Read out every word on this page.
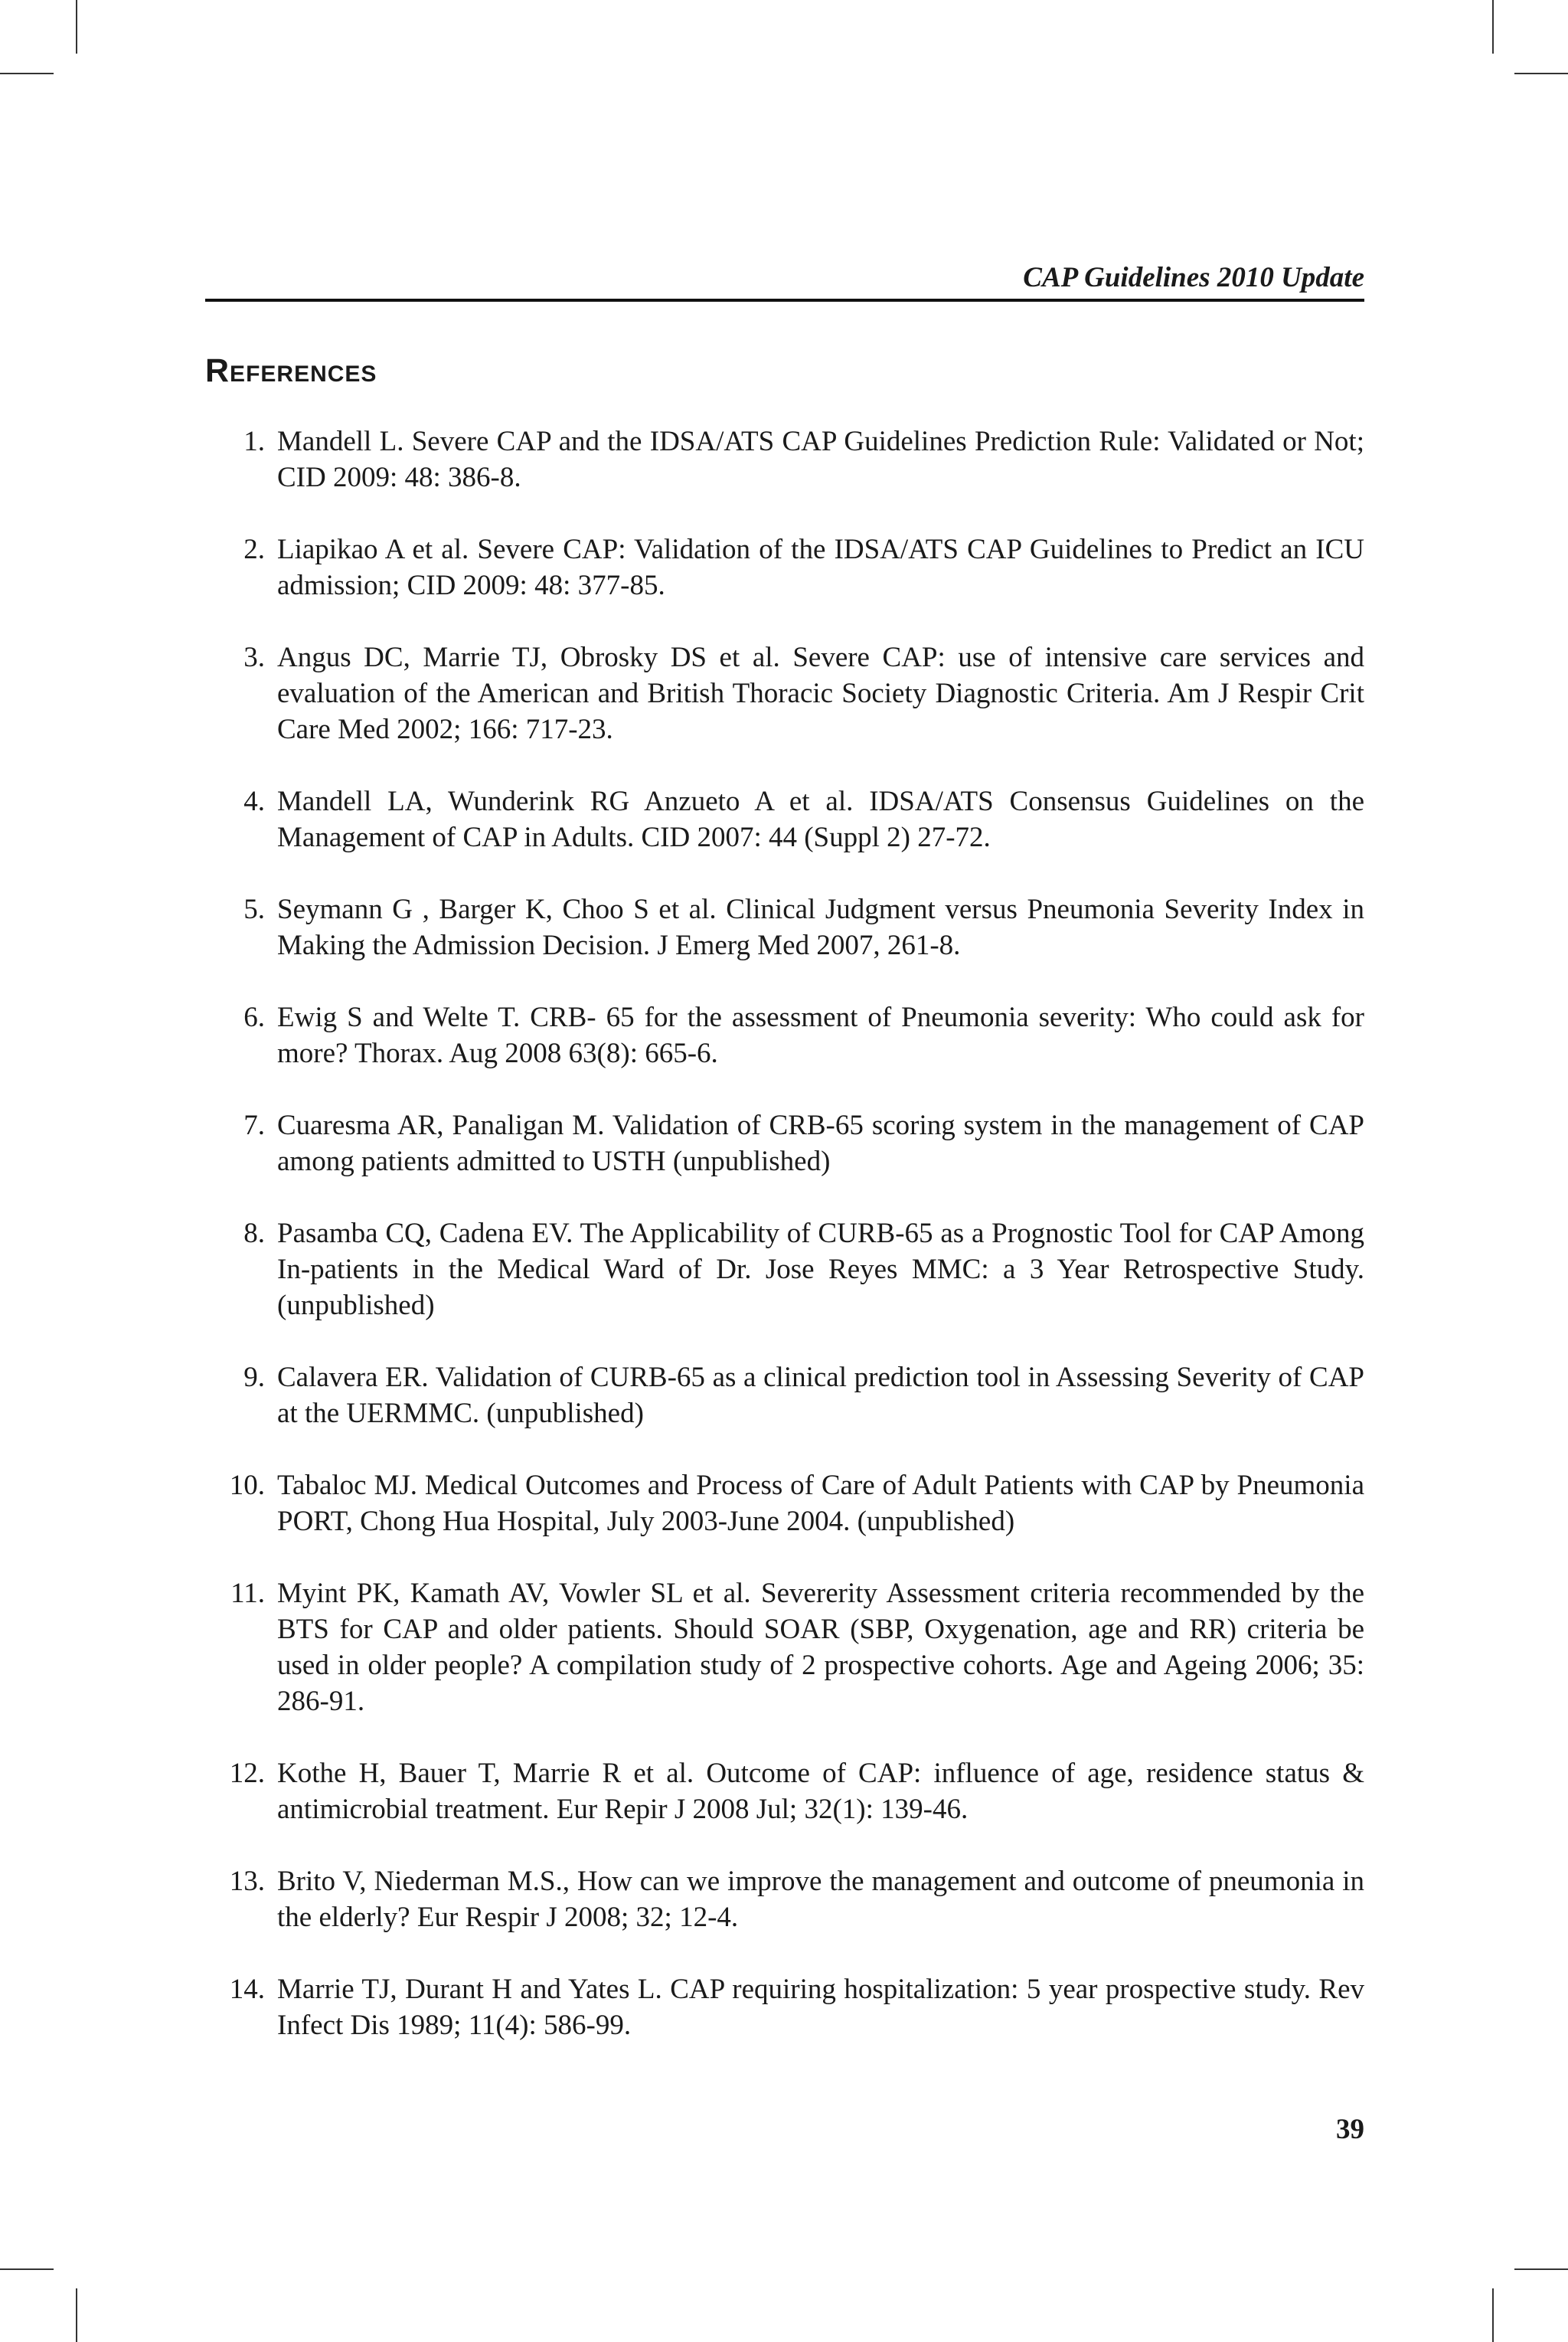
CAP Guidelines 2010 Update
References
1. Mandell L. Severe CAP and the IDSA/ATS CAP Guidelines Prediction Rule: Validated or Not; CID 2009: 48: 386-8.
2. Liapikao A et al. Severe CAP: Validation of the IDSA/ATS CAP Guidelines to Predict an ICU admission; CID 2009: 48: 377-85.
3. Angus DC, Marrie TJ, Obrosky DS et al. Severe CAP: use of intensive care services and evaluation of the American and British Thoracic Society Diagnostic Criteria. Am J Respir Crit Care Med 2002; 166: 717-23.
4. Mandell LA, Wunderink RG Anzueto A et al. IDSA/ATS Consensus Guidelines on the Management of CAP in Adults. CID 2007: 44 (Suppl 2) 27-72.
5. Seymann G , Barger K, Choo S et al. Clinical Judgment versus Pneumonia Severity Index in Making the Admission Decision. J Emerg Med 2007, 261-8.
6. Ewig S and Welte T. CRB- 65 for the assessment of Pneumonia severity: Who could ask for more? Thorax. Aug 2008 63(8): 665-6.
7. Cuaresma AR, Panaligan M. Validation of CRB-65 scoring system in the management of CAP among patients admitted to USTH (unpublished)
8. Pasamba CQ, Cadena EV. The Applicability of CURB-65 as a Prognostic Tool for CAP Among In-patients in the Medical Ward of Dr. Jose Reyes MMC: a 3 Year Retrospective Study. (unpublished)
9. Calavera ER. Validation of CURB-65 as a clinical prediction tool in Assessing Severity of CAP at the UERMMC. (unpublished)
10. Tabaloc MJ. Medical Outcomes and Process of Care of Adult Patients with CAP by Pneumonia PORT, Chong Hua Hospital, July 2003-June 2004. (unpublished)
11. Myint PK, Kamath AV, Vowler SL et al. Severerity Assessment criteria recommended by the BTS for CAP and older patients. Should SOAR (SBP, Oxygenation, age and RR) criteria be used in older people? A compilation study of 2 prospective cohorts. Age and Ageing 2006; 35: 286-91.
12. Kothe H, Bauer T, Marrie R et al. Outcome of CAP: influence of age, residence status & antimicrobial treatment. Eur Repir J 2008 Jul; 32(1): 139-46.
13. Brito V, Niederman M.S., How can we improve the management and outcome of pneumonia in the elderly? Eur Respir J 2008; 32; 12-4.
14. Marrie TJ, Durant H and Yates L. CAP requiring hospitalization: 5 year prospective study. Rev Infect Dis 1989; 11(4): 586-99.
39
